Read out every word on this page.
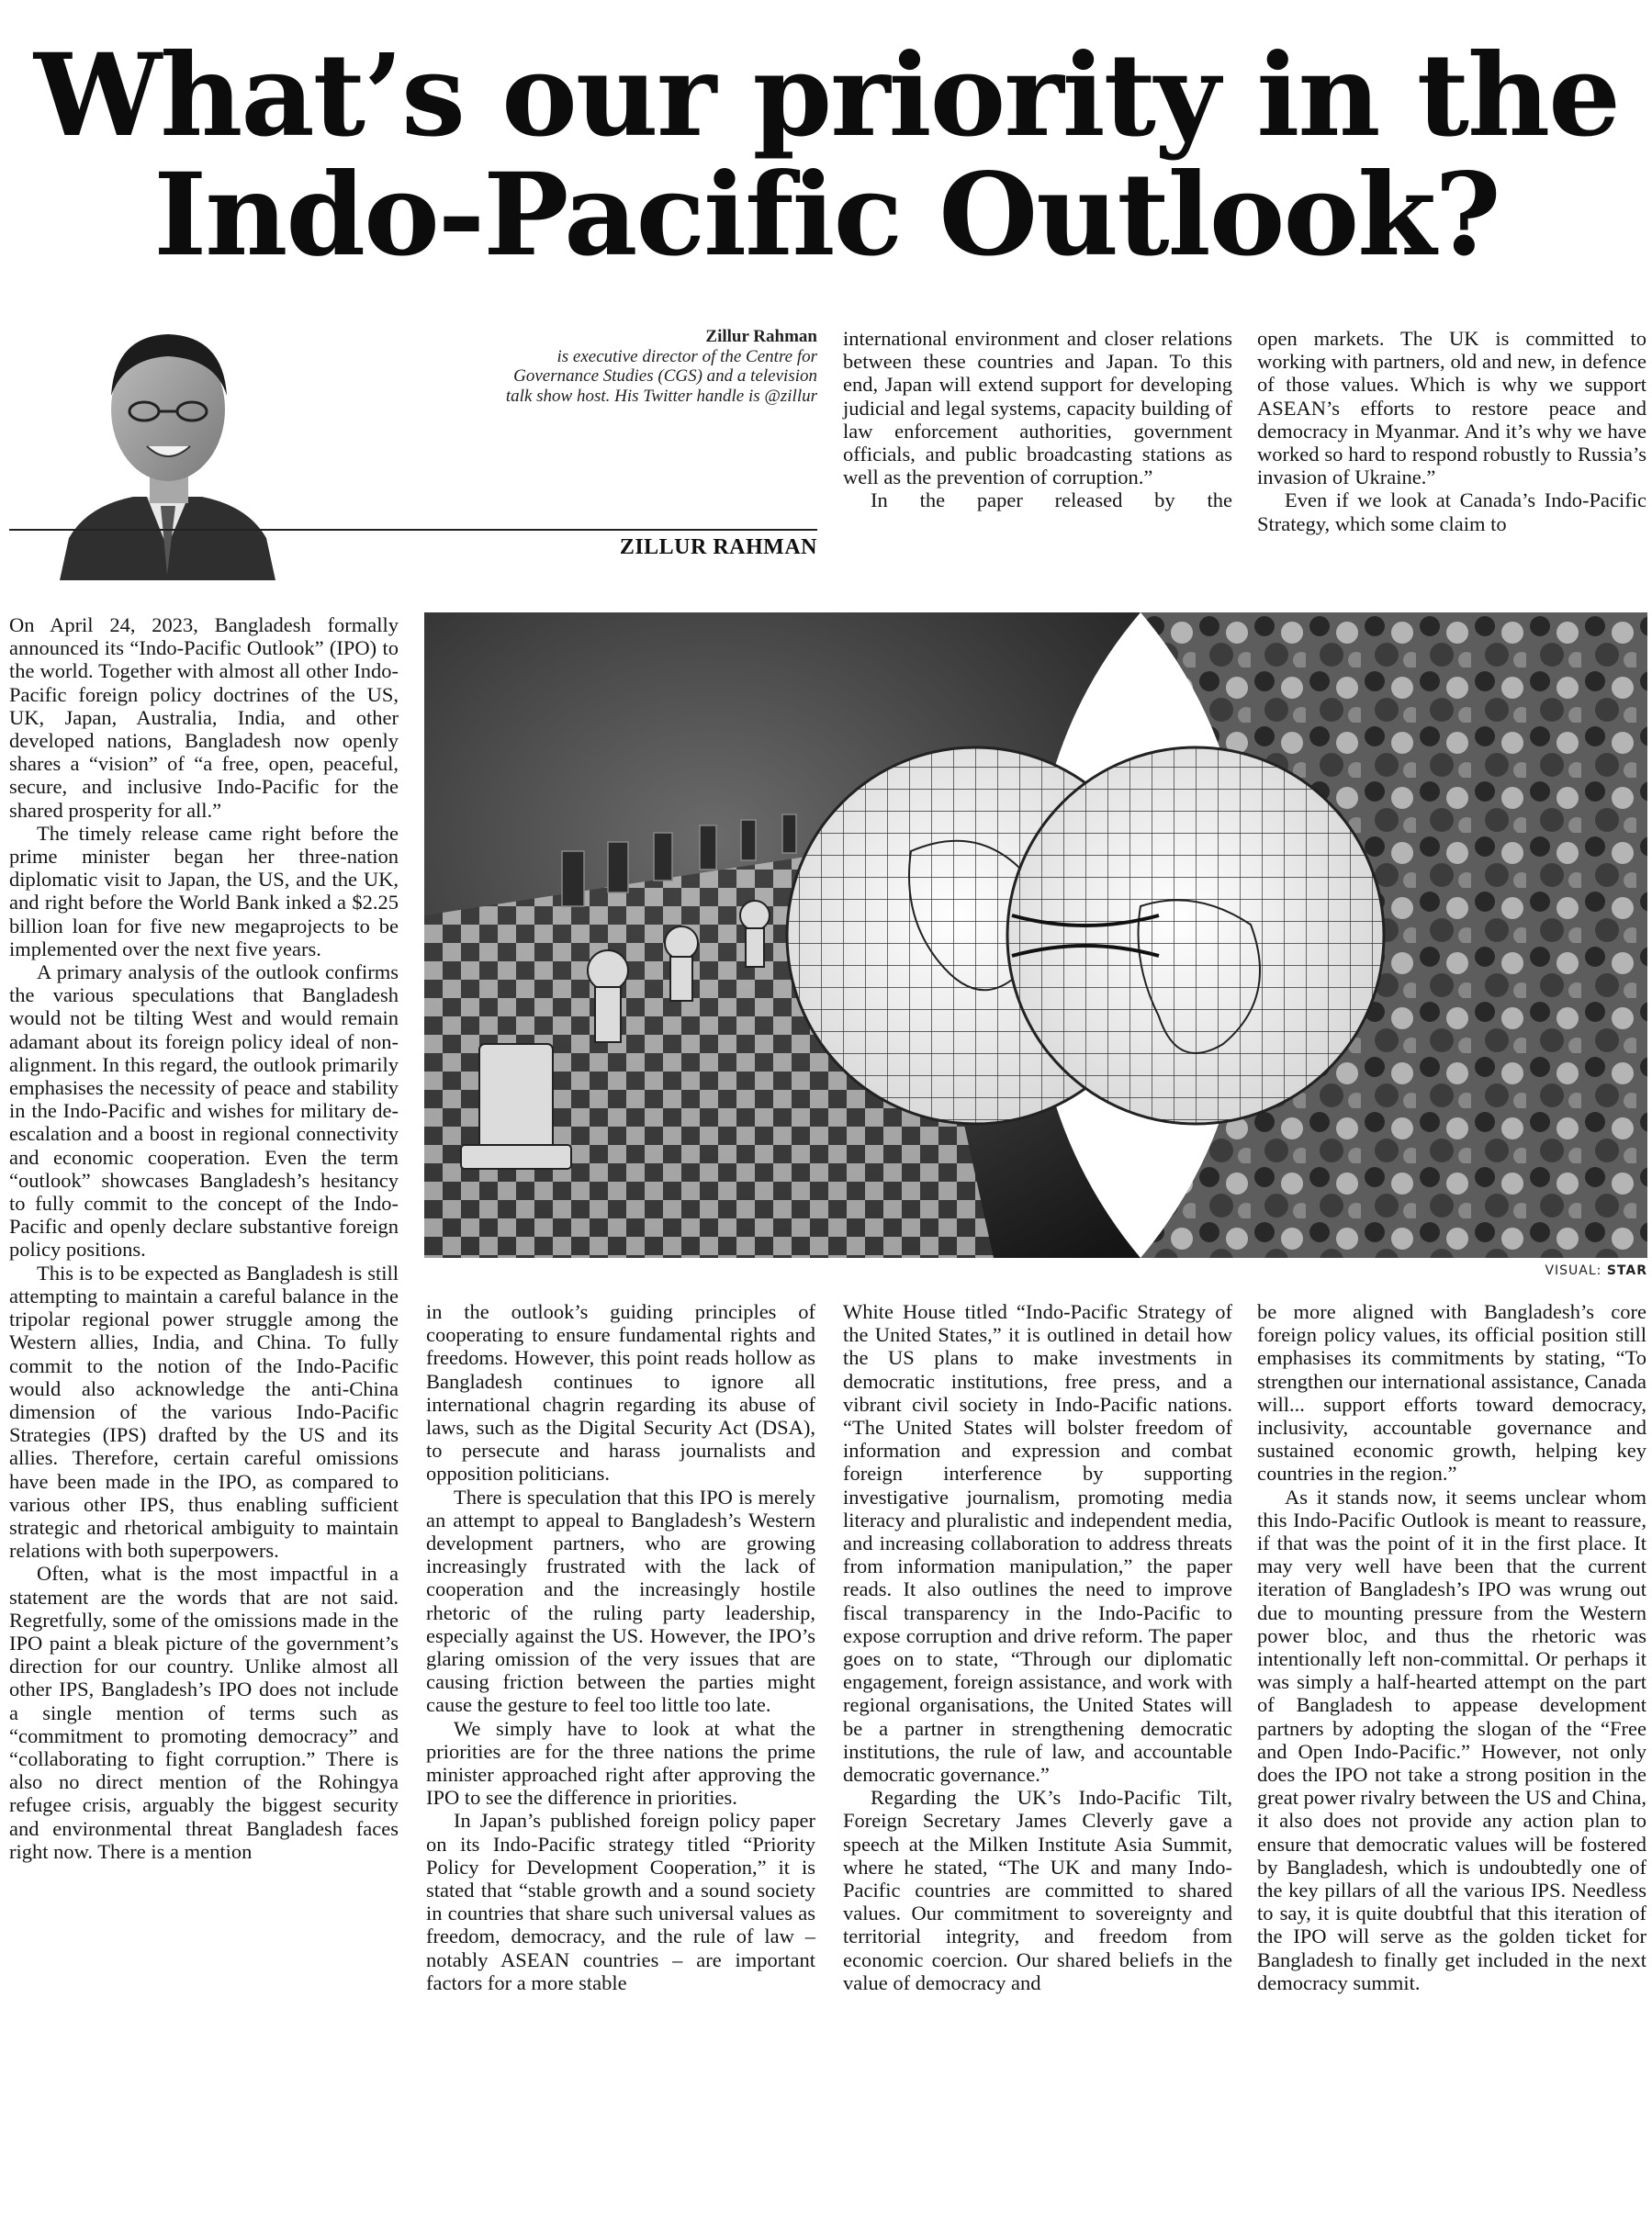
What’s our priority in the Indo-Pacific Outlook?
Zillur Rahman
is executive director of the Centre for Governance Studies (CGS) and a television talk show host. His Twitter handle is @zillur
ZILLUR RAHMAN
VISUAL: STAR

On April 24, 2023, Bangladesh formally announced its “Indo-Pacific Outlook” (IPO) to the world. Together with almost all other Indo-Pacific foreign policy doctrines of the US, UK, Japan, Australia, India, and other developed nations, Bangladesh now openly shares a “vision” of “a free, open, peaceful, secure, and inclusive Indo-Pacific for the shared prosperity for all.”

The timely release came right before the prime minister began her three-nation diplomatic visit to Japan, the US, and the UK, and right before the World Bank inked a $2.25 billion loan for five new megaprojects to be implemented over the next five years.

A primary analysis of the outlook confirms the various speculations that Bangladesh would not be tilting West and would remain adamant about its foreign policy ideal of non-alignment. In this regard, the outlook primarily emphasises the necessity of peace and stability in the Indo-Pacific and wishes for military de-escalation and a boost in regional connectivity and economic cooperation. Even the term “outlook” showcases Bangladesh’s hesitancy to fully commit to the concept of the Indo-Pacific and openly declare substantive foreign policy positions.

This is to be expected as Bangladesh is still attempting to maintain a careful balance in the tripolar regional power struggle among the Western allies, India, and China. To fully commit to the notion of the Indo-Pacific would also acknowledge the anti-China dimension of the various Indo-Pacific Strategies (IPS) drafted by the US and its allies. Therefore, certain careful omissions have been made in the IPO, as compared to various other IPS, thus enabling sufficient strategic and rhetorical ambiguity to maintain relations with both superpowers.

Often, what is the most impactful in a statement are the words that are not said. Regretfully, some of the omissions made in the IPO paint a bleak picture of the government’s direction for our country. Unlike almost all other IPS, Bangladesh’s IPO does not include a single mention of terms such as “commitment to promoting democracy” and “collaborating to fight corruption.” There is also no direct mention of the Rohingya refugee crisis, arguably the biggest security and environmental threat Bangladesh faces right now. There is a mention

international environment and closer relations between these countries and Japan. To this end, Japan will extend support for developing judicial and legal systems, capacity building of law enforcement authorities, government officials, and public broadcasting stations as well as the prevention of corruption.”

In the paper released by the

open markets. The UK is committed to working with partners, old and new, in defence of those values. Which is why we support ASEAN’s efforts to restore peace and democracy in Myanmar. And it’s why we have worked so hard to respond robustly to Russia’s invasion of Ukraine.”

Even if we look at Canada’s Indo-Pacific Strategy, which some claim to

in the outlook’s guiding principles of cooperating to ensure fundamental rights and freedoms. However, this point reads hollow as Bangladesh continues to ignore all international chagrin regarding its abuse of laws, such as the Digital Security Act (DSA), to persecute and harass journalists and opposition politicians.

There is speculation that this IPO is merely an attempt to appeal to Bangladesh’s Western development partners, who are growing increasingly frustrated with the lack of cooperation and the increasingly hostile rhetoric of the ruling party leadership, especially against the US. However, the IPO’s glaring omission of the very issues that are causing friction between the parties might cause the gesture to feel too little too late.

We simply have to look at what the priorities are for the three nations the prime minister approached right after approving the IPO to see the difference in priorities.

In Japan’s published foreign policy paper on its Indo-Pacific strategy titled “Priority Policy for Development Cooperation,” it is stated that “stable growth and a sound society in countries that share such universal values as freedom, democracy, and the rule of law – notably ASEAN countries – are important factors for a more stable

White House titled “Indo-Pacific Strategy of the United States,” it is outlined in detail how the US plans to make investments in democratic institutions, free press, and a vibrant civil society in Indo-Pacific nations. “The United States will bolster freedom of information and expression and combat foreign interference by supporting investigative journalism, promoting media literacy and pluralistic and independent media, and increasing collaboration to address threats from information manipulation,” the paper reads. It also outlines the need to improve fiscal transparency in the Indo-Pacific to expose corruption and drive reform. The paper goes on to state, “Through our diplomatic engagement, foreign assistance, and work with regional organisations, the United States will be a partner in strengthening democratic institutions, the rule of law, and accountable democratic governance.”

Regarding the UK’s Indo-Pacific Tilt, Foreign Secretary James Cleverly gave a speech at the Milken Institute Asia Summit, where he stated, “The UK and many Indo-Pacific countries are committed to shared values. Our commitment to sovereignty and territorial integrity, and freedom from economic coercion. Our shared beliefs in the value of democracy and

be more aligned with Bangladesh’s core foreign policy values, its official position still emphasises its commitments by stating, “To strengthen our international assistance, Canada will... support efforts toward democracy, inclusivity, accountable governance and sustained economic growth, helping key countries in the region.”

As it stands now, it seems unclear whom this Indo-Pacific Outlook is meant to reassure, if that was the point of it in the first place. It may very well have been that the current iteration of Bangladesh’s IPO was wrung out due to mounting pressure from the Western power bloc, and thus the rhetoric was intentionally left non-committal. Or perhaps it was simply a half-hearted attempt on the part of Bangladesh to appease development partners by adopting the slogan of the “Free and Open Indo-Pacific.” However, not only does the IPO not take a strong position in the great power rivalry between the US and China, it also does not provide any action plan to ensure that democratic values will be fostered by Bangladesh, which is undoubtedly one of the key pillars of all the various IPS. Needless to say, it is quite doubtful that this iteration of the IPO will serve as the golden ticket for Bangladesh to finally get included in the next democracy summit.
